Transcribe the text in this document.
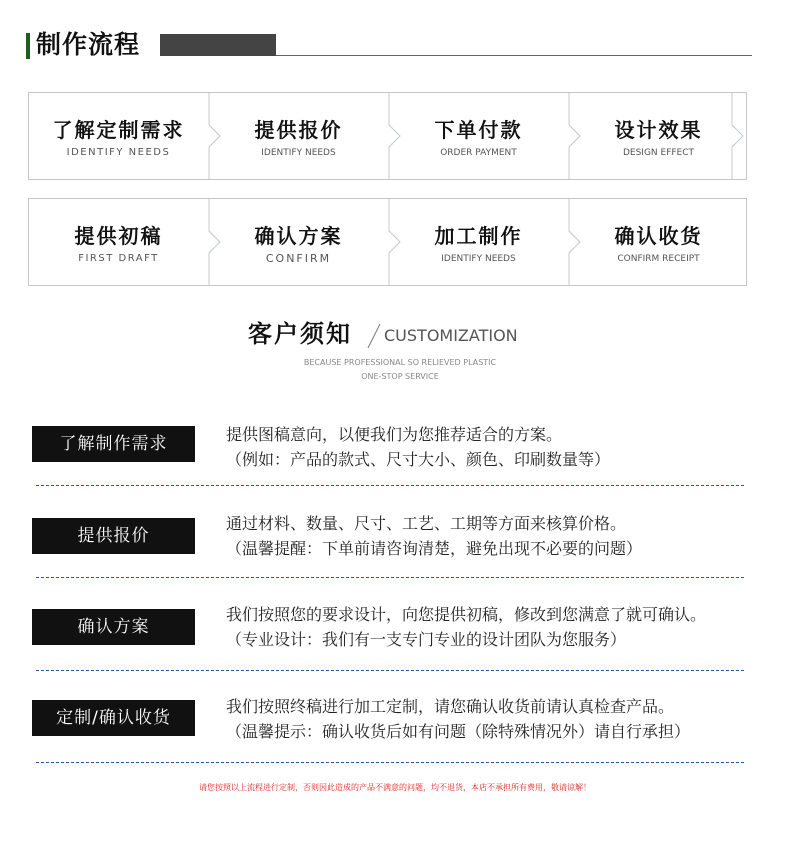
制作流程
了解定制需求
IDENTIFY NEEDS
提供报价
IDENTIFY NEEDS
下单付款
ORDER PAYMENT
设计效果
DESIGN EFFECT
提供初稿
FIRST DRAFT
确认方案
CONFIRM
加工制作
IDENTIFY NEEDS
确认收货
CONFIRM RECEIPT
客户须知 CUSTOMIZATION
BECAUSE PROFESSIONAL SO RELIEVED PLASTIC
ONE-STOP SERVICE
了解制作需求	提供图稿意向，以便我们为您推荐适合的方案。
（例如：产品的款式、尺寸大小、颜色、印刷数量等）
提供报价
通过材料、数量、尺寸、工艺、工期等方面来核算价格。
（温馨提醒：下单前请咨询清楚，避免出现不必要的问题）
确认方案
我们按照您的要求设计，向您提供初稿，修改到您满意了就可确认。
（专业设计：我们有一支专门专业的设计团队为您服务）
定制/确认收货
我们按照终稿进行加工定制，请您确认收货前请认真检查产品。
（温馨提示：确认收货后如有问题（除特殊情况外）请自行承担）
请您按照以上流程进行定制，否则因此造成的产品不满意的问题，均不退货，本店不承担所有费用，敬请谅解！
